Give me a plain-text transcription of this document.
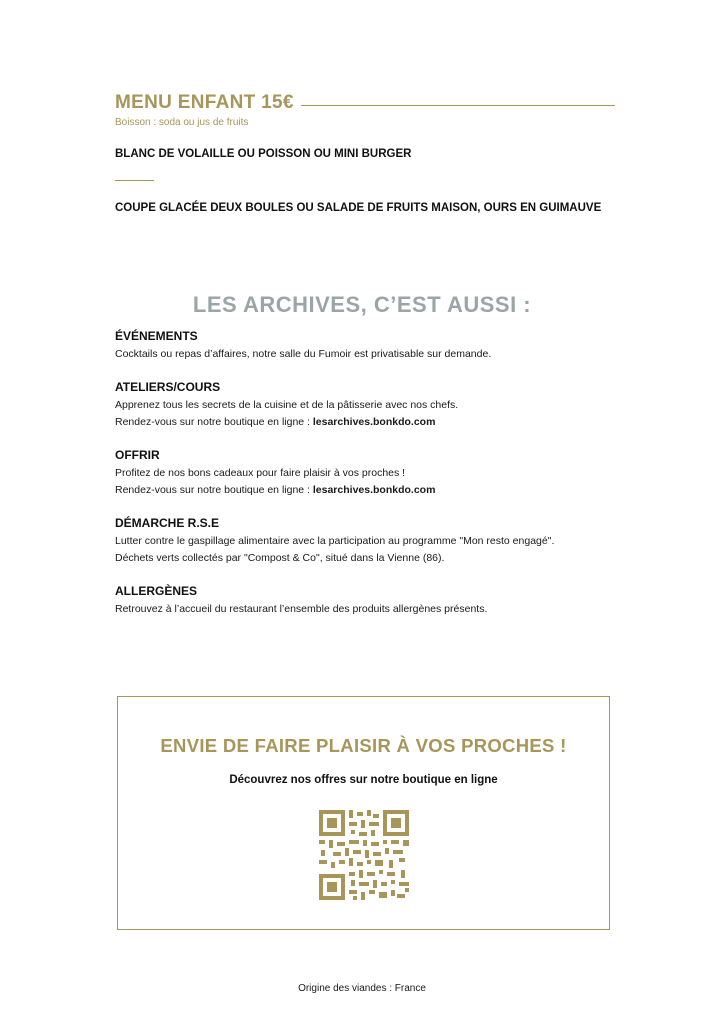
MENU ENFANT 15€
Boisson : soda ou jus de fruits
BLANC DE VOLAILLE OU POISSON OU MINI BURGER
COUPE GLACÉE DEUX BOULES OU SALADE DE FRUITS MAISON, OURS EN GUIMAUVE
LES ARCHIVES, C’EST AUSSI :
ÉVÉNEMENTS

Cocktails ou repas d’affaires, notre salle du Fumoir est privatisable sur demande.

ATELIERS/COURS

Apprenez tous les secrets de la cuisine et de la pâtisserie avec nos chefs.

Rendez-vous sur notre boutique en ligne : lesarchives.bonkdo.com

OFFRIR

Profitez de nos bons cadeaux pour faire plaisir à vos proches !

Rendez-vous sur notre boutique en ligne : lesarchives.bonkdo.com

DÉMARCHE R.S.E

Lutter contre le gaspillage alimentaire avec la participation au programme "Mon resto engagé".

Déchets verts collectés par "Compost & Co", situé dans la Vienne (86).

ALLERGÈNES

Retrouvez à l’accueil du restaurant l’ensemble des produits allergènes présents.

ENVIE DE FAIRE PLAISIR À VOS PROCHES !
Découvrez nos offres sur notre boutique en ligne
Origine des viandes : France
